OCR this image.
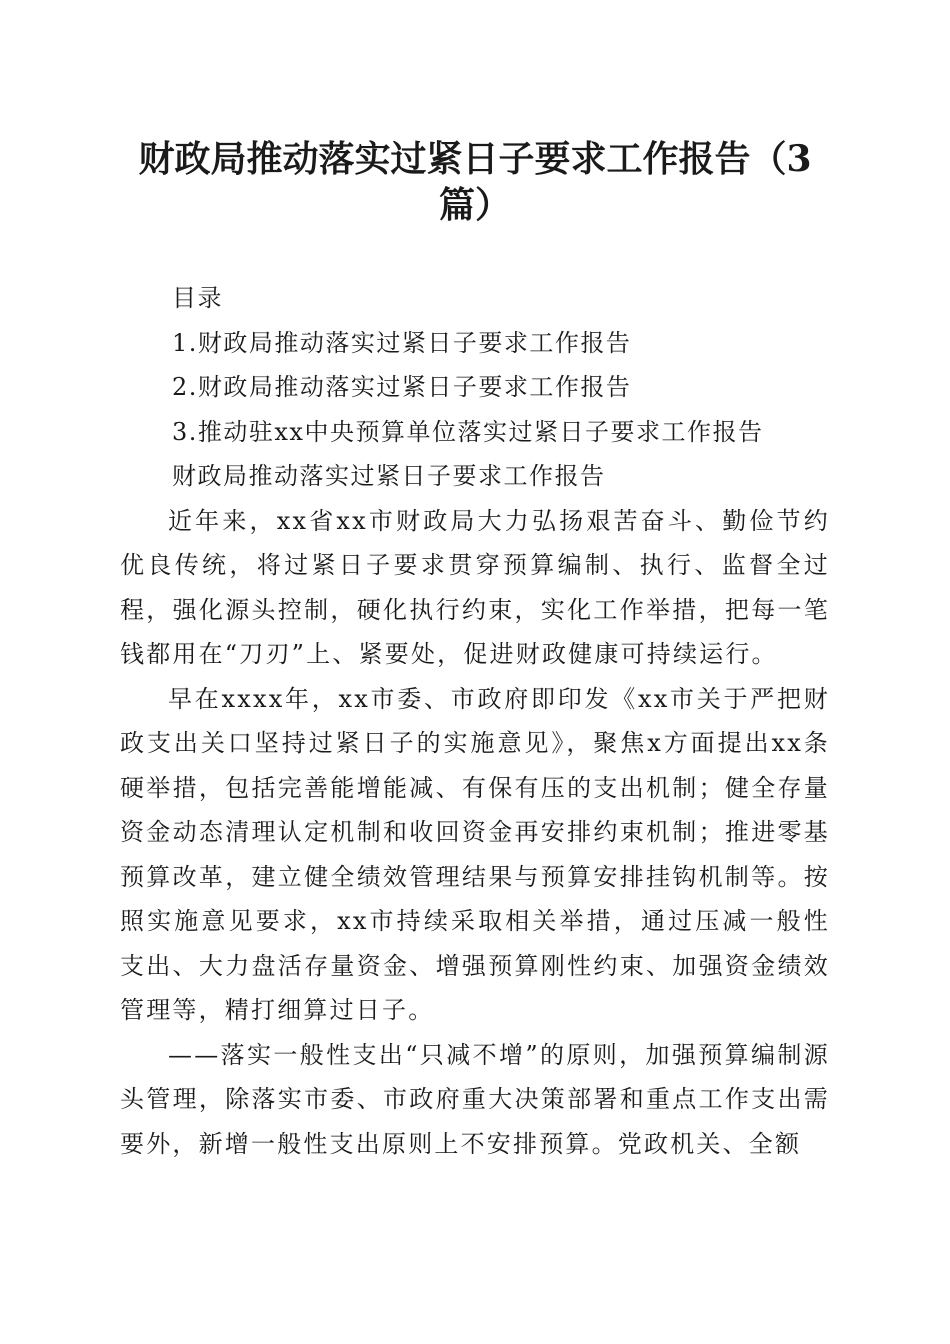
财政局推动落实过紧日子要求工作报告（3篇）

目录

1.财政局推动落实过紧日子要求工作报告

2.财政局推动落实过紧日子要求工作报告

3.推动驻xx中央预算单位落实过紧日子要求工作报告

财政局推动落实过紧日子要求工作报告

近年来，xx省xx市财政局大力弘扬艰苦奋斗、勤俭节约优良传统，将过紧日子要求贯穿预算编制、执行、监督全过程，强化源头控制，硬化执行约束，实化工作举措，把每一笔钱都用在“刀刃”上、紧要处，促进财政健康可持续运行。

早在xxxx年，xx市委、市政府即印发《xx市关于严把财政支出关口坚持过紧日子的实施意见》，聚焦x方面提出xx条硬举措，包括完善能增能减、有保有压的支出机制；健全存量资金动态清理认定机制和收回资金再安排约束机制；推进零基预算改革，建立健全绩效管理结果与预算安排挂钩机制等。按照实施意见要求，xx市持续采取相关举措，通过压减一般性支出、大力盘活存量资金、增强预算刚性约束、加强资金绩效管理等，精打细算过日子。

——落实一般性支出“只减不增”的原则，加强预算编制源头管理，除落实市委、市政府重大决策部署和重点工作支出需要外，新增一般性支出原则上不安排预算。党政机关、全额
